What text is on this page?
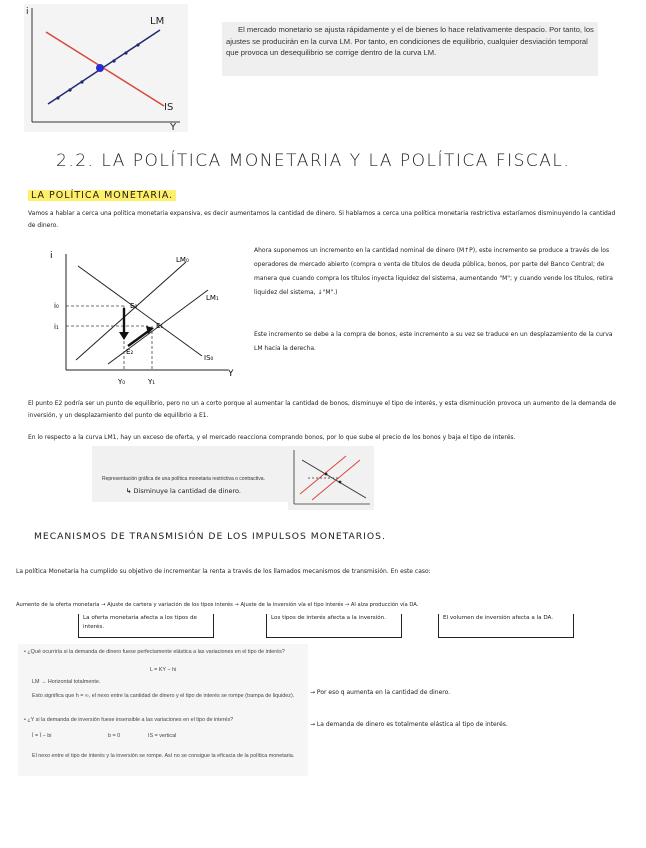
LM
IS
Y
i
El mercado monetario se ajusta rápidamente y el de bienes lo hace relativamente despacio. Por tanto, los ajustes se producirán en la curva LM. Por tanto, en condiciones de equilibrio, cualquier desviación temporal que provoca un desequilibrio se corrige dentro de la curva LM.
2.2. LA POLÍTICA MONETARIA Y LA POLÍTICA FISCAL.
LA POLÍTICA MONETARIA.
Vamos a hablar a cerca una política monetaria expansiva, es decir aumentamos la cantidad de dinero. Si hablamos a cerca una política monetaria restrictiva estaríamos disminuyendo la cantidad de dinero.
LM₀
LM₁
IS₀
E₀
E₁
E₂
i₀
i₁
i
Y
Y₀	Y₁
Ahora suponemos un incremento en la cantidad nominal de dinero (M↑P), este incremento se produce a través de los operadores de mercado abierto (compra o venta de títulos de deuda pública, bonos, por parte del Banco Central; de manera que cuando compra los títulos inyecta liquidez del sistema, aumentando "M"; y cuando vende los títulos, retira liquidez del sistema, ↓"M".)
Este incremento se debe a la compra de bonos, este incremento a su vez se traduce en un desplazamiento de la curva LM hacia la derecha.
El punto E2 podría ser un punto de equilibrio, pero no un a corto porque al aumentar la cantidad de bonos, disminuye el tipo de interés, y esta disminución provoca un aumento de la demanda de inversión, y un desplazamiento del punto de equilibrio a E1.
En lo respecto a la curva LM1, hay un exceso de oferta, y el mercado reacciona comprando bonos, por lo que sube el precio de los bonos y baja el tipo de interés.
Representación gráfica de una política monetaria restrictiva o contractiva.
↳ Disminuye la cantidad de dinero.
MECANISMOS DE TRANSMISIÓN DE LOS IMPULSOS MONETARIOS.
La política Monetaria ha cumplido su objetivo de incrementar la renta a través de los llamados mecanismos de transmisión. En este caso:
Aumento de la oferta monetaria → Ajuste de cartera y variación de los tipos interés → Ajuste de la inversión vía el tipo interés → Al alza producción vía DA.
La oferta monetaria afecta a los tipos de interés.
Los tipos de interés afecta a la inversión.	El volumen de inversión afecta a la DA.
• ¿Qué ocurriría si la demanda de dinero fuese perfectamente elástica a las variaciones en el tipo de interés?
L = KY − hi
LM → Horizontal totalmente.
Esto significa que h = ∞, el nexo entre la cantidad de dinero y el tipo de interés se rompe (trampa de liquidez).
• ¿Y si la demanda de inversión fuese insensible a las variaciones en el tipo de interés?
Ī = Ī − bi	b = 0	IS = vertical
El nexo entre el tipo de interés y la inversión se rompe. Así no se consigue la eficacia de la política monetaria.
→ Por eso q aumenta en la cantidad de dinero.
→ La demanda de dinero es totalmente elástica al tipo de interés.
